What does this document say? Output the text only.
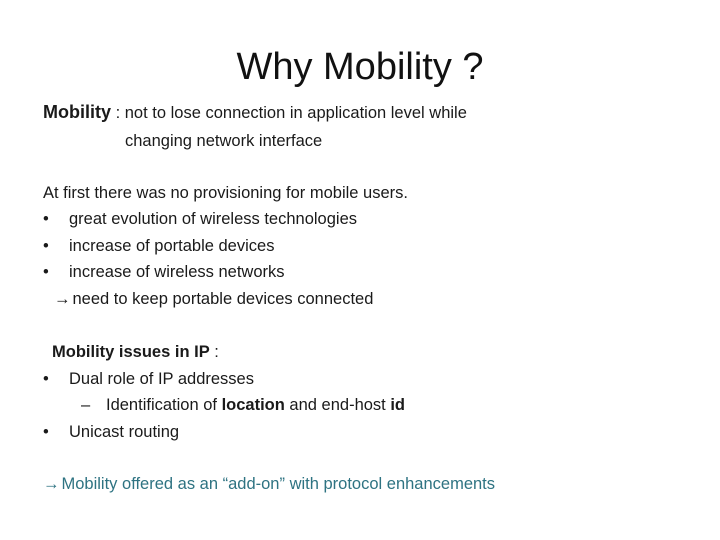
Why Mobility ?
Mobility : not to lose connection in application level while
changing network interface
At first there was no provisioning for mobile users.
• great evolution of wireless technologies
• increase of portable devices
• increase of wireless networks
→ need to keep portable devices connected
Mobility issues in IP :
• Dual role of IP addresses
– Identification of location and end-host id
• Unicast routing
→ Mobility offered as an “add-on” with protocol enhancements
